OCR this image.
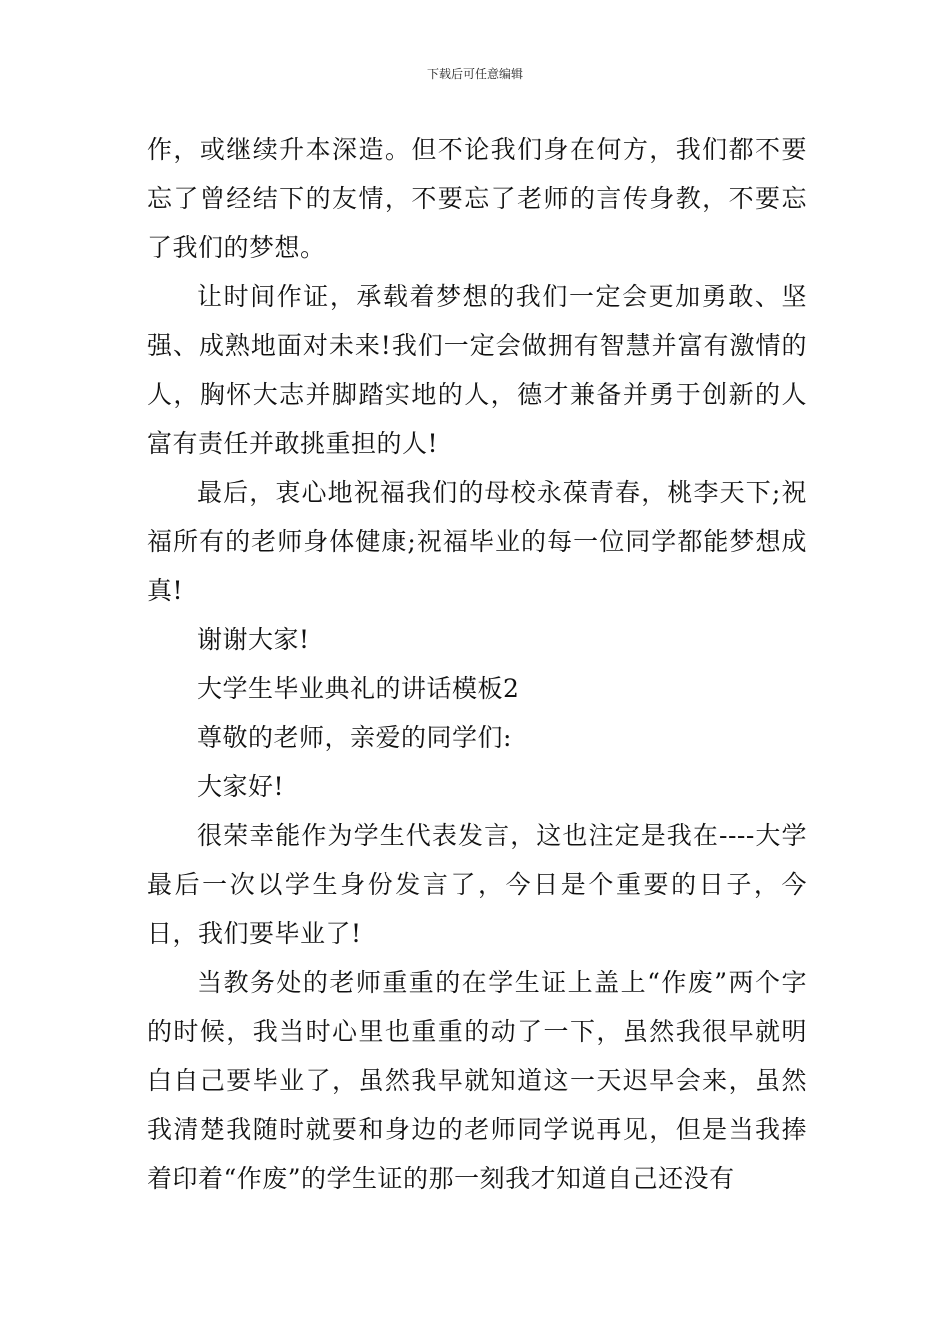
下载后可任意编辑

作，或继续升本深造。但不论我们身在何方，我们都不要忘了曾经结下的友情，不要忘了老师的言传身教，不要忘了我们的梦想。

让时间作证，承载着梦想的我们一定会更加勇敢、坚强、成熟地面对未来!我们一定会做拥有智慧并富有激情的人，胸怀大志并脚踏实地的人，德才兼备并勇于创新的人富有责任并敢挑重担的人!

最后，衷心地祝福我们的母校永葆青春，桃李天下;祝福所有的老师身体健康;祝福毕业的每一位同学都能梦想成真!

谢谢大家!

大学生毕业典礼的讲话模板2

尊敬的老师，亲爱的同学们:

大家好!

很荣幸能作为学生代表发言，这也注定是我在----大学最后一次以学生身份发言了，今日是个重要的日子，今日，我们要毕业了!

当教务处的老师重重的在学生证上盖上“作废”两个字的时候，我当时心里也重重的动了一下，虽然我很早就明白自己要毕业了，虽然我早就知道这一天迟早会来，虽然我清楚我随时就要和身边的老师同学说再见，但是当我捧着印着“作废”的学生证的那一刻我才知道自己还没有
